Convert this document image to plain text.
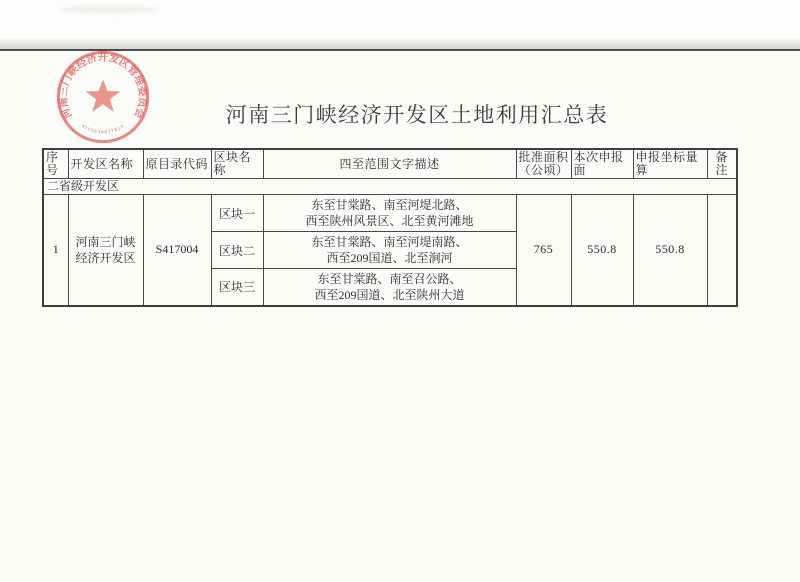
河南三门峡经济开发区管理委员会
4112030037813
河南三门峡经济开发区土地利用汇总表
序号	开发区名称	原目录代码	区块名称	四至范围文字描述	批准面积（公顷）	本次申报面	申报坐标量算	备注
二省级开发区								
1	河南三门峡经济开发区	S417004	区块一	东至甘棠路、南至河堤北路、
西至陕州风景区、北至黄河滩地	765	550.8	550.8	
			区块二	东至甘棠路、南至河堤南路、
西至209国道、北至涧河				

			区块三	东至甘棠路、南至召公路、
西至209国道、北至陕州大道				
